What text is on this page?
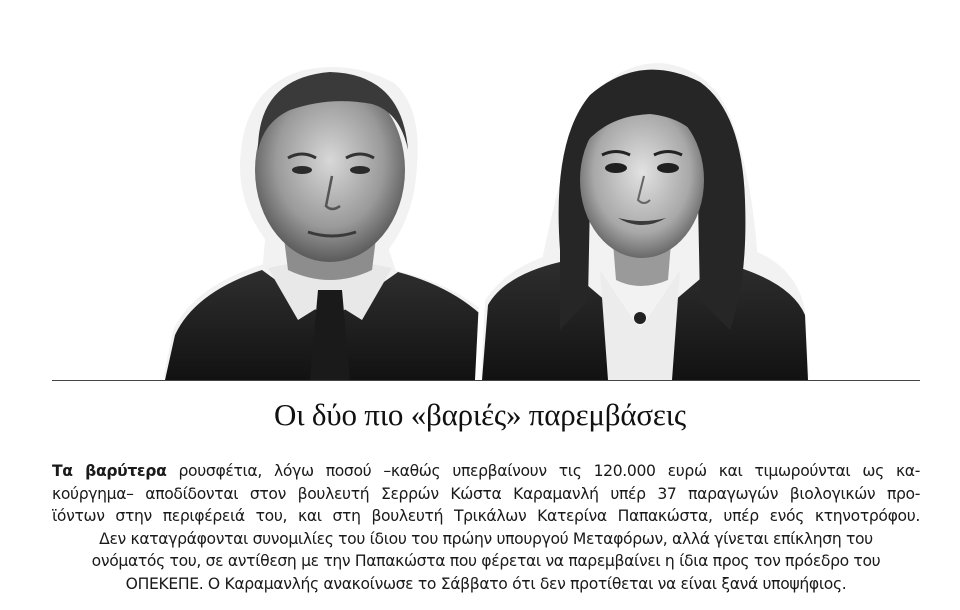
Οι δύο πιο «βαριές» παρεμβάσεις
Τα βαρύτερα ρουσφέτια, λόγω ποσού –καθώς υπερβαίνουν τις 120.000 ευρώ και τιμωρούνται ως κα-
κούργημα– αποδίδονται στον βουλευτή Σερρών Κώστα Καραμανλή υπέρ 37 παραγωγών βιολογικών προ-
ϊόντων στην περιφέρειά του, και στη βουλευτή Τρικάλων Κατερίνα Παπακώστα, υπέρ ενός κτηνοτρόφου.
Δεν καταγράφονται συνομιλίες του ίδιου του πρώην υπουργού Μεταφόρων, αλλά γίνεται επίκληση του
ονόματός του, σε αντίθεση με την Παπακώστα που φέρεται να παρεμβαίνει η ίδια προς τον πρόεδρο του
ΟΠΕΚΕΠΕ. Ο Καραμανλής ανακοίνωσε το Σάββατο ότι δεν προτίθεται να είναι ξανά υποψήφιος.
